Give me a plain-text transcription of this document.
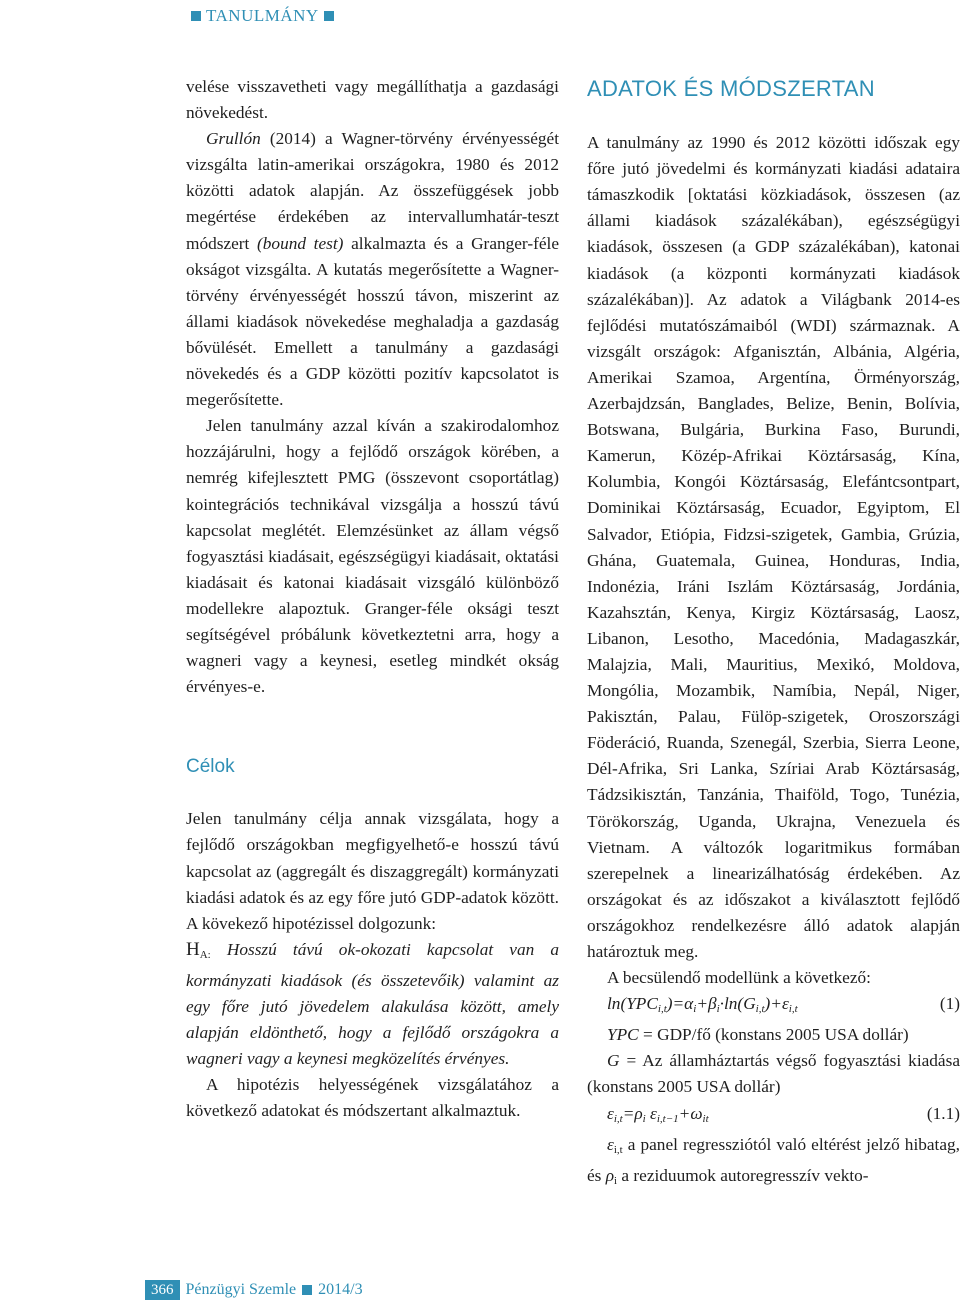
TANULMÁNY

velése visszavetheti vagy megállíthatja a gazdasági növekedést.

Grullón (2014) a Wagner-törvény érvényességét vizsgálta latin-amerikai országokra, 1980 és 2012 közötti adatok alapján. Az összefüggések jobb megértése érdekében az intervallumhatár-teszt módszert (bound test) alkalmazta és a Granger-féle okságot vizsgálta. A kutatás megerősítette a Wagner-törvény érvényességét hosszú távon, miszerint az állami kiadások növekedése meghaladja a gazdaság bővülését. Emellett a tanulmány a gazdasági növekedés és a GDP közötti pozitív kapcsolatot is megerősítette.

Jelen tanulmány azzal kíván a szakirodalomhoz hozzájárulni, hogy a fejlődő országok körében, a nemrég kifejlesztett PMG (összevont csoportátlag) kointegrációs technikával vizsgálja a hosszú távú kapcsolat meglétét. Elemzésünket az állam végső fogyasztási kiadásait, egészségügyi kiadásait, oktatási kiadásait és katonai kiadásait vizsgáló különböző modellekre alapoztuk. Granger-féle oksági teszt segítségével próbálunk következtetni arra, hogy a wagneri vagy a keynesi, esetleg mindkét okság érvényes-e.

Célok

Jelen tanulmány célja annak vizsgálata, hogy a fejlődő országokban megfigyelhető-e hosszú távú kapcsolat az (aggregált és diszaggregált) kormányzati kiadási adatok és az egy főre jutó GDP-adatok között. A kövekező hipotézissel dolgozunk:

$H_{A:}$ Hosszú távú ok-okozati kapcsolat van a kormányzati kiadások (és összetevőik) valamint az egy főre jutó jövedelem alakulása között, amely alapján eldönthető, hogy a fejlődő országokra a wagneri vagy a keynesi megközelítés érvényes.

A hipotézis helyességének vizsgálatához a következő adatokat és módszertant alkalmaztuk.

ADATOK ÉS MÓDSZERTAN

A tanulmány az 1990 és 2012 közötti időszak egy főre jutó jövedelmi és kormányzati kiadási adataira támaszkodik [oktatási közkiadások, összesen (az állami kiadások százalékában), egészségügyi kiadások, összesen (a GDP százalékában), katonai kiadások (a központi kormányzati kiadások százalékában)]. Az adatok a Világbank 2014-es fejlődési mutatószámaiból (WDI) származnak. A vizsgált országok: Afganisztán, Albánia, Algéria, Amerikai Szamoa, Argentína, Örményország, Azerbajdzsán, Banglades, Belize, Benin, Bolívia, Botswana, Bulgária, Burkina Faso, Burundi, Kamerun, Közép-Afrikai Köztársaság, Kína, Kolumbia, Kongói Köztársaság, Elefántcsontpart, Dominikai Köztársaság, Ecuador, Egyiptom, El Salvador, Etiópia, Fidzsi-szigetek, Gambia, Grúzia, Ghána, Guatemala, Guinea, Honduras, India, Indonézia, Iráni Iszlám Köztársaság, Jordánia, Kazahsztán, Kenya, Kirgiz Köztársaság, Laosz, Libanon, Lesotho, Macedónia, Madagaszkár, Malajzia, Mali, Mauritius, Mexikó, Moldova, Mongólia, Mozambik, Namíbia, Nepál, Niger, Pakisztán, Palau, Fülöp-szigetek, Oroszországi Föderáció, Ruanda, Szenegál, Szerbia, Sierra Leone, Dél-Afrika, Sri Lanka, Szíriai Arab Köztársaság, Tádzsikisztán, Tanzánia, Thaiföld, Togo, Tunézia, Törökország, Uganda, Ukrajna, Venezuela és Vietnam. A változók logaritmikus formában szerepelnek a linearizálhatóság érdekében. Az országokat és az időszakot a kiválasztott fejlődő országokhoz rendelkezésre álló adatok alapján határoztuk meg.

A becsülendő modellünk a következő:

$\ln(YPC_{i,t})=\alpha_i+\beta_i\cdot\ln(G_{i,t})+\varepsilon_{i,t}$	(1)

YPC = GDP/fő (konstans 2005 USA dollár)

G = Az államháztartás végső fogyasztási kiadása (konstans 2005 USA dollár)

$\varepsilon_{i,t}=\rho_i$ $\varepsilon_{i,t-1}+\omega_{it}$	(1.1)

$\varepsilon_{i,t}$ a panel regressziótól való eltérést jelző hibatag, és $\rho_i$ a reziduumok autoregresszív vekto-

366 Pénzügyi Szemle 2014/3
